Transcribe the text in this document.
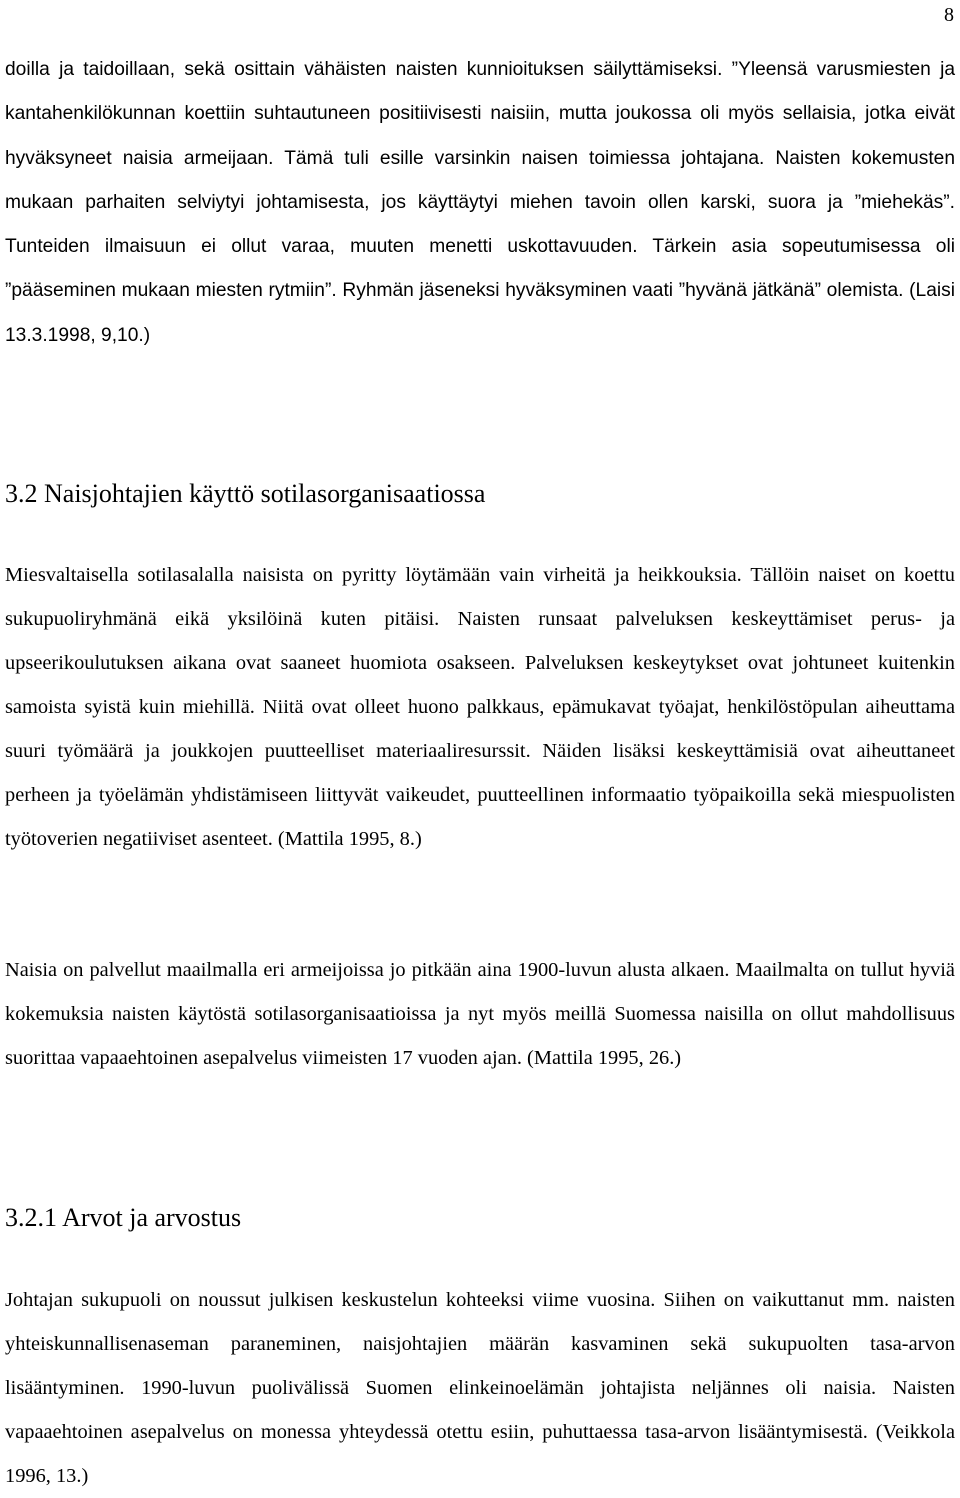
8

doilla ja taidoillaan, sekä osittain vähäisten naisten kunnioituksen säilyttämiseksi. ”Yleensä varusmiesten ja kantahenkilökunnan koettiin suhtautuneen positiivisesti naisiin, mutta joukossa oli myös sellaisia, jotka eivät hyväksyneet naisia armeijaan. Tämä tuli esille varsinkin naisen toimiessa johtajana. Naisten kokemusten mukaan parhaiten selviytyi johtamisesta, jos käyttäytyi miehen tavoin ollen karski, suora ja ”miehekäs”. Tunteiden ilmaisuun ei ollut varaa, muuten menetti uskottavuuden. Tärkein asia sopeutumisessa oli ”pääseminen mukaan miesten rytmiin”. Ryhmän jäseneksi hyväksyminen vaati ”hyvänä jätkänä” olemista. (Laisi 13.3.1998, 9,10.)

3.2 Naisjohtajien käyttö sotilasorganisaatiossa

Miesvaltaisella sotilasalalla naisista on pyritty löytämään vain virheitä ja heikkouksia. Tällöin naiset on koettu sukupuoliryhmänä eikä yksilöinä kuten pitäisi. Naisten runsaat palveluksen keskeyttämiset perus- ja upseerikoulutuksen aikana ovat saaneet huomiota osakseen. Palveluksen keskeytykset ovat johtuneet kuitenkin samoista syistä kuin miehillä. Niitä ovat olleet huono palkkaus, epämukavat työajat, henkilöstöpulan aiheuttama suuri työmäärä ja joukkojen puutteelliset materiaaliresurssit. Näiden lisäksi keskeyttämisiä ovat aiheuttaneet perheen ja työelämän yhdistämiseen liittyvät vaikeudet, puutteellinen informaatio työpaikoilla sekä miespuolisten työtoverien negatiiviset asenteet. (Mattila 1995, 8.)

Naisia on palvellut maailmalla eri armeijoissa jo pitkään aina 1900-luvun alusta alkaen. Maailmalta on tullut hyviä kokemuksia naisten käytöstä sotilasorganisaatioissa ja nyt myös meillä Suomessa naisilla on ollut mahdollisuus suorittaa vapaaehtoinen asepalvelus viimeisten 17 vuoden ajan. (Mattila 1995, 26.)

3.2.1 Arvot ja arvostus

Johtajan sukupuoli on noussut julkisen keskustelun kohteeksi viime vuosina. Siihen on vaikuttanut mm. naisten yhteiskunnallisenaseman paraneminen, naisjohtajien määrän kasvaminen sekä sukupuolten tasa-arvon lisääntyminen. 1990-luvun puolivälissä Suomen elinkeinoelämän johtajista neljännes oli naisia. Naisten vapaaehtoinen asepalvelus on monessa yhteydessä otettu esiin, puhuttaessa tasa-arvon lisääntymisestä. (Veikkola 1996, 13.)
